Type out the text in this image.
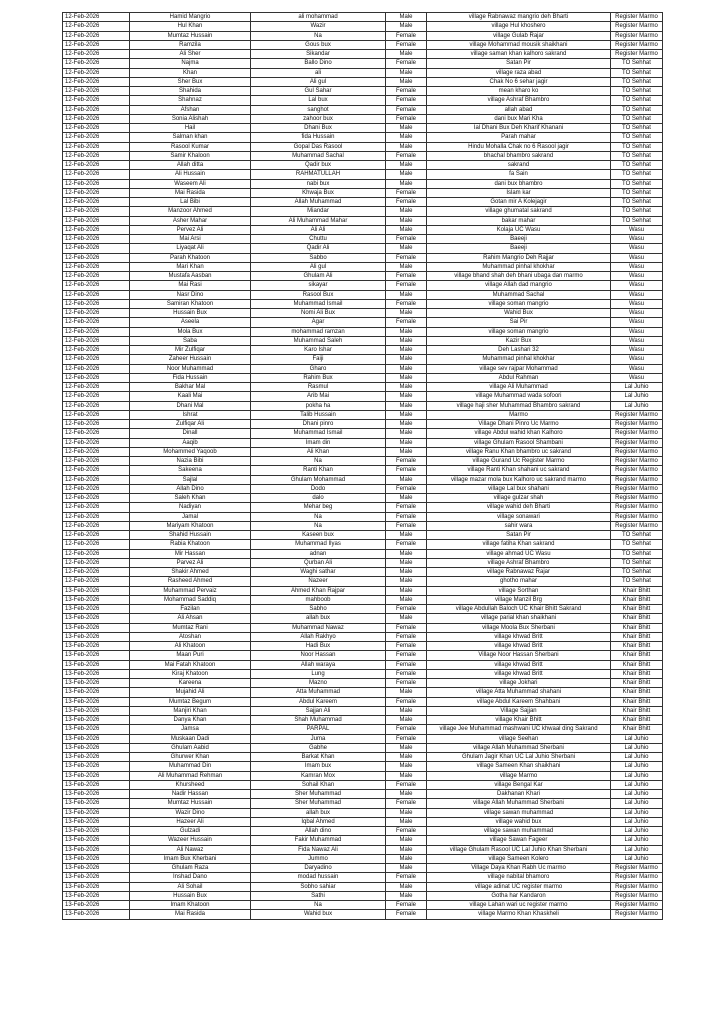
12-Feb-2026	Hamid Mangrio	ali mohammad	Male	village Rabnawaz mangrio deh Bharti	Register Marmo
12-Feb-2026	Hul Khan	Wazir	Male	village Hul khoshero	Register Marmo
12-Feb-2026	Mumtaz Hussain	Na	Female	village Gulab Rajar	Register Marmo
12-Feb-2026	Ramzila	Gous bux	Female	village Mohammad mousik shaikhani	Register Marmo
12-Feb-2026	Ali Sher	Sikandar	Male	village saman khan kalhoro sakrand	Register Marmo
12-Feb-2026	Najma	Ballo Dino	Female	Satan Pir	TO Sehhat
12-Feb-2026	Khan	ali	Male	village raza abad	TO Sehhat
12-Feb-2026	Sher Bux	Ali gul	Male	Chak No 6 sehar jagir	TO Sehhat
12-Feb-2026	Shahida	Gul Sahar	Female	mean kharo ko	TO Sehhat
12-Feb-2026	Shahnaz	Lal bux	Female	village Ashraf Bhambro	TO Sehhat
12-Feb-2026	Afshan	sanghot	Female	allah abad	TO Sehhat
12-Feb-2026	Sonia Alishah	zahoor bux	Female	dani bux Mari Kha	TO Sehhat
12-Feb-2026	Hail	Dhani Bux	Male	Ial Dhani Bux Deh Kharif Khanani	TO Sehhat
12-Feb-2026	Salman khan	fida Hussain	Male	Parah mahar	TO Sehhat
12-Feb-2026	Rasool Kumar	Gopal Das Rasool	Male	Hindu Mohalla Chak no 6 Rasool jagir	TO Sehhat
12-Feb-2026	Samir Khaloon	Muhammad Sachal	Female	bhachal bhambro sakrand	TO Sehhat
12-Feb-2026	Allah ditta	Qadir bux	Male	sakrand	TO Sehhat
12-Feb-2026	Ali Hussain	RAHMATULLAH	Male	fa Sain	TO Sehhat
12-Feb-2026	Waseem Ali	nabi bux	Male	dani bux bhambro	TO Sehhat
12-Feb-2026	Mai Rasida	Khwaja Bux	Female	Islam kar	TO Sehhat
12-Feb-2026	Lal Bibi	Allah Muhammad	Female	Gotan mir A Kolejagir	TO Sehhat
12-Feb-2026	Manzoor Ahmed	Miandar	Male	village ghumatal sakrand	TO Sehhat
12-Feb-2026	Asher Mahar	Ali Muhammad Mahar	Male	bakar mahar	TO Sehhat
12-Feb-2026	Pervez Ali	Ali Ali	Male	Kolaja UC Wasu	Wasu
12-Feb-2026	Mai Arsi	Chuttu	Female	Baeeji	Wasu
12-Feb-2026	Liyaqat Ali	Qadir Ali	Male	Baeeji	Wasu
12-Feb-2026	Parah Khatoon	Sabbo	Female	Rahim Mangrio Deh Rajjar	Wasu
12-Feb-2026	Mari Khan	Ali gul	Male	Muhammad pinhal khokhar	Wasu
12-Feb-2026	Mustafa Aasban	Ghulam Ali	Female	village bhand shah deh bhani ubaga dan marmo	Wasu
12-Feb-2026	Mai Rasi	sikayar	Female	village Allah dad mangrio	Wasu
12-Feb-2026	Nasr Dino	Rasool Bux	Male	Muhammad Sachal	Wasu
12-Feb-2026	Samiran Khatoon	Muhammad Ismail	Female	village soman mangrio	Wasu
12-Feb-2026	Hussain Bux	Nomi Ali Bux	Male	Wahid Bux	Wasu
12-Feb-2026	Aseela	Agar	Female	Sai Pir	Wasu
12-Feb-2026	Mola Bux	mohammad ramzan	Male	village soman mangrio	Wasu
12-Feb-2026	Saba	Muhammad Saleh	Male	Kazir Bux	Wasu
12-Feb-2026	Mir Zulfiqar	Karo Ishar	Male	Deh Lashari 32	Wasu
12-Feb-2026	Zaheer Hussain	Faiji	Male	Muhammad pinhal khokhar	Wasu
12-Feb-2026	Noor Muhammad	Gharo	Male	village sev rajpar Mohammad	Wasu
12-Feb-2026	Fida Hussain	Rahim Bux	Male	Abdul Rahman	Wasu
12-Feb-2026	Bakhar Mal	Rasmul	Male	village Ali Muhammad	Lal Juhio
12-Feb-2026	Kaali Mai	Arib Mai	Male	village Muhammad wada sofoori	Lal Juhio
12-Feb-2026	Dhani Mal	pokha ha	Male	village haji sher Muhammad Bhambro sakrand	Lal Juhio
12-Feb-2026	Ishrat	Talib Hussain	Male	Marmo	Register Marmo
12-Feb-2026	Zulfiqar Ali	Dhani pinro	Male	Village Dhani Pinro Uc Marmo	Register Marmo
12-Feb-2026	Dinall	Muhammad Ismail	Male	village Abdul wahid khan Kalhoro	Register Marmo
12-Feb-2026	Aaqib	Imam din	Male	village Ghulam Rasool Shambani	Register Marmo
12-Feb-2026	Mohammed Yaqoob	Ali Khan	Male	village Ranu Khan bhambro uc sakrand	Register Marmo
12-Feb-2026	Nazia Bibi	Na	Female	village Gurand Uc Register Marmo	Register Marmo
12-Feb-2026	Sakeena	Ranti Khan	Female	village Ranti Khan shahani uc sakrand	Register Marmo
12-Feb-2026	Sajlal	Ghulam Mohammad	Male	village mazar mola bux Kalhoro uc sakrand marmo	Register Marmo
12-Feb-2026	Allah Dino	Dodo	Female	village Lal bux shahani	Register Marmo
12-Feb-2026	Saleh Khan	dalo	Male	village gulzar shah	Register Marmo
12-Feb-2026	Nadiyan	Mehar beg	Female	village wahid deh Bharti	Register Marmo
12-Feb-2026	Jamal	Na	Female	village sonawari	Register Marmo
12-Feb-2026	Mariyam Khatoon	Na	Female	sahir wara	Register Marmo
12-Feb-2026	Shahid Hussain	Kaseen bux	Male	Satan Pir	TO Sehhat
12-Feb-2026	Rabia Khatoon	Muhammad Ilyas	Female	village fatiha Khan sakrand	TO Sehhat
12-Feb-2026	Mir Hassan	adnan	Male	village ahmad UC Wasu	TO Sehhat
12-Feb-2026	Parvez Ali	Qurban Ali	Male	village Ashraf Bhambro	TO Sehhat
12-Feb-2026	Shakir Ahmed	Waghi sathar	Male	village Rabnawaz Rajar	TO Sehhat
12-Feb-2026	Rasheed Ahmed	Nazeer	Male	ghotho mahar	TO Sehhat
13-Feb-2026	Muhammad Pervaiz	Ahmed Khan Rajpar	Male	village Sorthan	Khair Bhitt
13-Feb-2026	Mohammad Saddiq	mahboob	Male	village Manzil Brg	Khair Bhitt
13-Feb-2026	Fazilan	Sabho	Female	village Abdullah Baloch UC Khair Bhitt Sakrand	Khair Bhitt
13-Feb-2026	Ali Ahsan	allah bux	Male	village parial khan shaikhani	Khair Bhitt
13-Feb-2026	Mumtaz Rani	Muhammad Nawaz	Female	village Moola Bux Sherbani	Khair Bhitt
13-Feb-2026	Atoshan	Allah Rakhyo	Female	village khwad Britt	Khair Bhitt
13-Feb-2026	Ali Khatoon	Hadi Bux	Female	village khwad Britt	Khair Bhitt
13-Feb-2026	Maan Puri	Noor Hassan	Female	Village Noor Hassan Sherbani	Khair Bhitt
13-Feb-2026	Mai Fatah Khatoon	Allah waraya	Female	village khwad Britt	Khair Bhitt
13-Feb-2026	Kiraj Khatoon	Lung	Female	village khwad Britt	Khair Bhitt
13-Feb-2026	Kareena	Mazno	Female	village Jokhari	Khair Bhitt
13-Feb-2026	Mujahid Ali	Atta Muhammad	Male	village Atta Muhammad shahani	Khair Bhitt
13-Feb-2026	Mumtaz Begum	Abdul Kareem	Female	village Abdul Kareem Shahbani	Khair Bhitt
13-Feb-2026	Manjiri Khan	Sajjan Ali	Male	Village Sajjan	Khair Bhitt
13-Feb-2026	Danya Khan	Shah Muhammad	Male	village Khair Bhitt	Khair Bhitt
13-Feb-2026	Jamsa	PARPAL	Female	village Jee Muhammad mashwani UC khwaal ding Sakrand	Khair Bhitt
13-Feb-2026	Muskaan Dadi	Juma	Female	village Seehan	Lal Juhio
13-Feb-2026	Ghulam Aabid	Gabhe	Male	village Allah Muhammad Sherbani	Lal Juhio
13-Feb-2026	Ghurwer Khan	Barkat Khan	Male	Ghulam Jagir Khan UC Lal Juhio Sherbani	Lal Juhio
13-Feb-2026	Muhammad Din	Imam bux	Male	village Sameen Khan shaikhani	Lal Juhio
13-Feb-2026	Ali Muhammad Rehman	Kamran Mox	Male	village Marmo	Lal Juhio
13-Feb-2026	Khursheed	Sohail Khan	Female	village Bengal Kar	Lal Juhio
13-Feb-2026	Nadir Hassan	Sher Muhammad	Male	Dakhanan Khari	Lal Juhio
13-Feb-2026	Mumtaz Hussain	Sher Muhammad	Female	village Allah Muhammad Sherbani	Lal Juhio
13-Feb-2026	Wazir Dino	allah bux	Male	village sawan muhammad	Lal Juhio
13-Feb-2026	Hazeer Ali	Iqbal Ahmed	Male	village wahid bux	Lal Juhio
13-Feb-2026	Gulzadi	Allah dino	Female	village sawan muhammad	Lal Juhio
13-Feb-2026	Wazeer Hussain	Fakir Muhammad	Male	village Sawan Fageer	Lal Juhio
13-Feb-2026	Ali Nawaz	Fida Nawaz Ali	Male	village Ghulam Rasool UC Lal Juhio Khan Sherbani	Lal Juhio
13-Feb-2026	Imam Bux Kherbani	Jummo	Male	village Sameen Kolero	Lal Juhio
13-Feb-2026	Ghulam Raza	Daryadino	Male	Village Daya Khan Rabh Uc marmo	Register Marmo
13-Feb-2026	Inshad Dano	modad hussain	Female	village nabital bhamoro	Register Marmo
13-Feb-2026	Ali Sohail	Sobho sahiar	Male	village adinat UC register marmo	Register Marmo
13-Feb-2026	Hussain Bux	Sathi	Male	Gotha har Kandaron	Register Marmo
13-Feb-2026	Imam Khatoon	Na	Female	village Lahan wari uc register marmo	Register Marmo
13-Feb-2026	Mai Rasida	Wahid bux	Female	village Marmo Khan Khaskheli	Register Marmo
